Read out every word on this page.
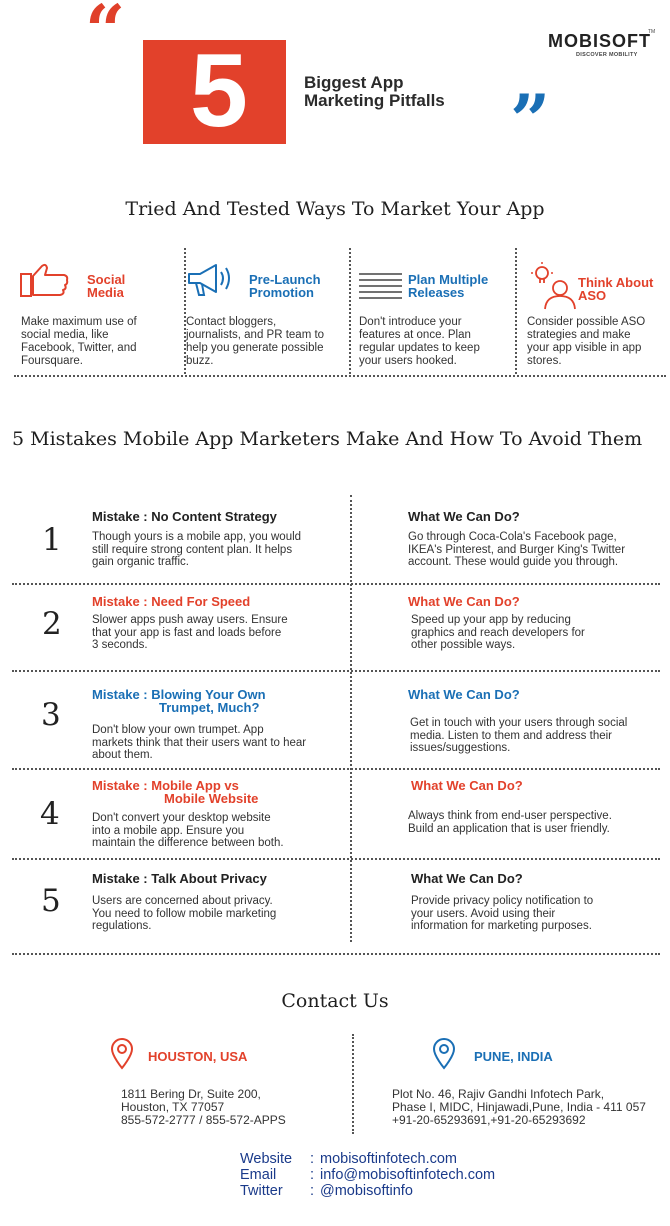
“
5	Biggest App
Marketing Pitfalls ”
MOBISOFT
TM
DISCOVER MOBILITY
Tried And Tested Ways To Market Your App
Social
Media
Make maximum use of
social media, like
Facebook, Twitter, and
Foursquare.
Pre-Launch
Promotion
Contact bloggers,
journalists, and PR team to
help you generate possible
buzz.
Plan Multiple
Releases
Don't introduce your
features at once. Plan
regular updates to keep
your users hooked.
Think About
ASO
Consider possible ASO
strategies and make
your app visible in app
stores.
5 Mistakes Mobile App Marketers Make And How To Avoid Them
1
Mistake : No Content Strategy
Though yours is a mobile app, you would
still require strong content plan. It helps
gain organic traffic.
What We Can Do?
Go through Coca-Cola's Facebook page,
IKEA's Pinterest, and Burger King's Twitter
account. These would guide you through.
2
Mistake : Need For Speed
Slower apps push away users. Ensure
that your app is fast and loads before
3 seconds.
What We Can Do?
Speed up your app by reducing
graphics and reach developers for
other possible ways.
3
Mistake : Blowing Your Own
Trumpet, Much?
Don't blow your own trumpet. App
markets think that their users want to hear
about them.
What We Can Do?
Get in touch with your users through social
media. Listen to them and address their
issues/suggestions.
4
Mistake : Mobile App vs
Mobile Website
Don't convert your desktop website
into a mobile app. Ensure you
maintain the difference between both.
What We Can Do?
Always think from end-user perspective.
Build an application that is user friendly.
5
Mistake : Talk About Privacy
Users are concerned about privacy.
You need to follow mobile marketing
regulations.
What We Can Do?
Provide privacy policy notification to
your users. Avoid using their
information for marketing purposes.
Contact Us
HOUSTON, USA
1811 Bering Dr, Suite 200,
Houston, TX 77057
855-572-2777 / 855-572-APPS
PUNE, INDIA
Plot No. 46, Rajiv Gandhi Infotech Park,
Phase I, MIDC, Hinjawadi,Pune, India - 411 057
+91-20-65293691,+91-20-65293692
Website	: mobisoftinfotech.com
Email	: info@mobisoftinfotech.com
Twitter	: @mobisoftinfo
